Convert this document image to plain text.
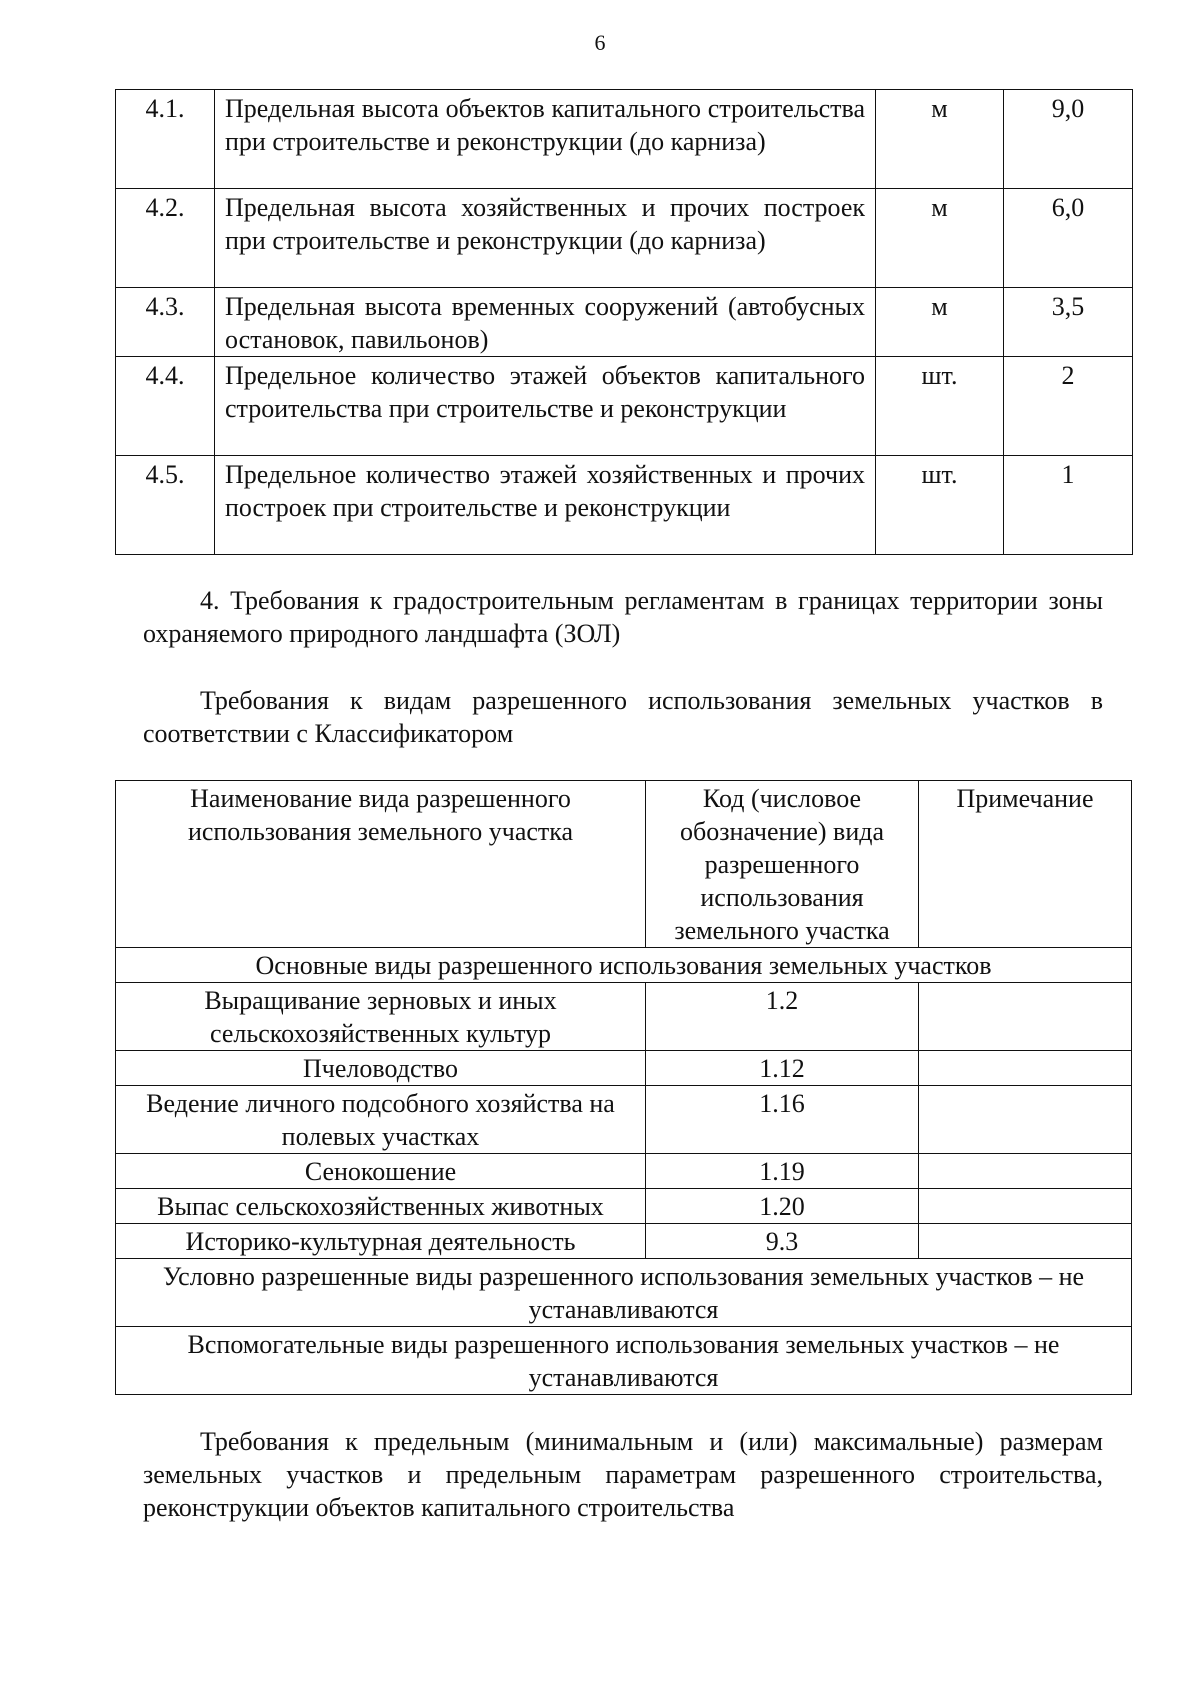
6
4.1.	Предельная высота объектов капитального строительства при строительстве и реконструкции (до карниза)	м	9,0
4.2.	Предельная высота хозяйственных и прочих построек при строительстве и реконструкции (до карниза)	м	6,0
4.3.	Предельная высота временных сооружений (автобусных остановок, павильонов)	м	3,5
4.4.	Предельное количество этажей объектов капитального строительства при строительстве и реконструкции	шт.	2
4.5.	Предельное количество этажей хозяйственных и прочих построек при строительстве и реконструкции	шт.	1

4. Требования к градостроительным регламентам в границах территории зоны охраняемого природного ландшафта (ЗОЛ)

Требования к видам разрешенного использования земельных участков в соответствии с Классификатором

Наименование вида разрешенного использования земельного участка	Код (числовое обозначение) вида разрешенного использования земельного участка	Примечание
Основные виды разрешенного использования земельных участков		
Выращивание зерновых и иных сельскохозяйственных культур	1.2	
Пчеловодство	1.12	
Ведение личного подсобного хозяйства на полевых участках	1.16	
Сенокошение	1.19	
Выпас сельскохозяйственных животных	1.20	
Историко-культурная деятельность	9.3	
Условно разрешенные виды разрешенного использования земельных участков – не устанавливаются		
Вспомогательные виды разрешенного использования земельных участков – не устанавливаются		

Требования к предельным (минимальным и (или) максимальные) размерам земельных участков и предельным параметрам разрешенного строительства, реконструкции объектов капитального строительства
